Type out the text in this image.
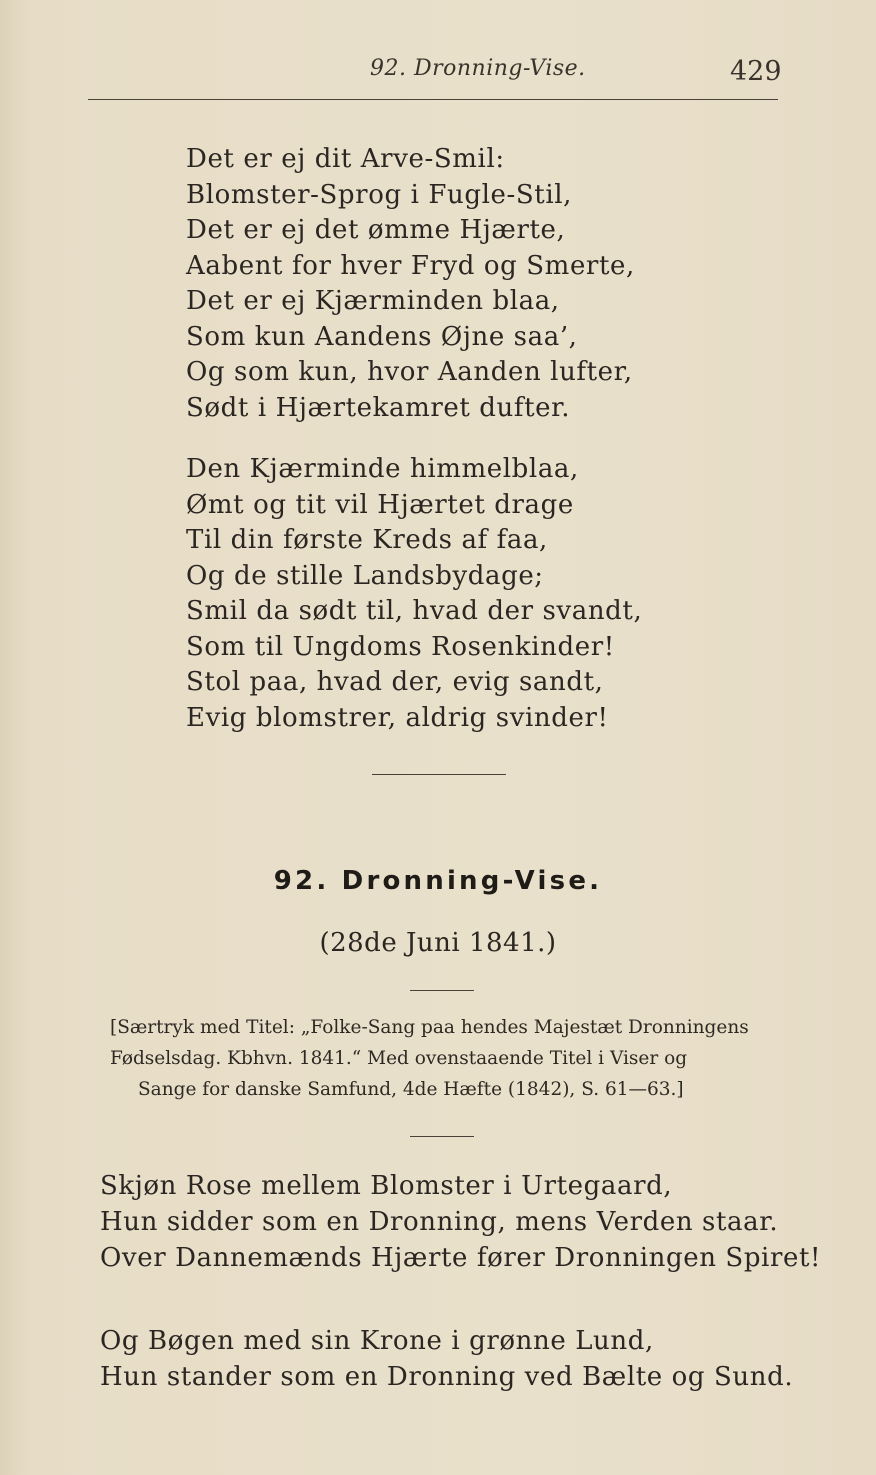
92. Dronning-Vise.	429
Det er ej dit Arve-Smil:
Blomster-Sprog i Fugle-Stil,
Det er ej det ømme Hjærte,
Aabent for hver Fryd og Smerte,
Det er ej Kjærminden blaa,
Som kun Aandens Øjne saa’,
Og som kun, hvor Aanden lufter,
Sødt i Hjærtekamret dufter.
Den Kjærminde himmelblaa,
Ømt og tit vil Hjærtet drage
Til din første Kreds af faa,
Og de stille Landsbydage;
Smil da sødt til, hvad der svandt,
Som til Ungdoms Rosenkinder!
Stol paa, hvad der, evig sandt,
Evig blomstrer, aldrig svinder!
92. Dronning-Vise.
(28de Juni 1841.)
[Særtryk med Titel: „Folke-Sang paa hendes Majestæt Dronningens
Fødselsdag. Kbhvn. 1841.“ Med ovenstaaende Titel i Viser og
Sange for danske Samfund, 4de Hæfte (1842), S. 61—63.]
Skjøn Rose mellem Blomster i Urtegaard,
Hun sidder som en Dronning, mens Verden staar.
Over Dannemænds Hjærte fører Dronningen Spiret!
Og Bøgen med sin Krone i grønne Lund,
Hun stander som en Dronning ved Bælte og Sund.
